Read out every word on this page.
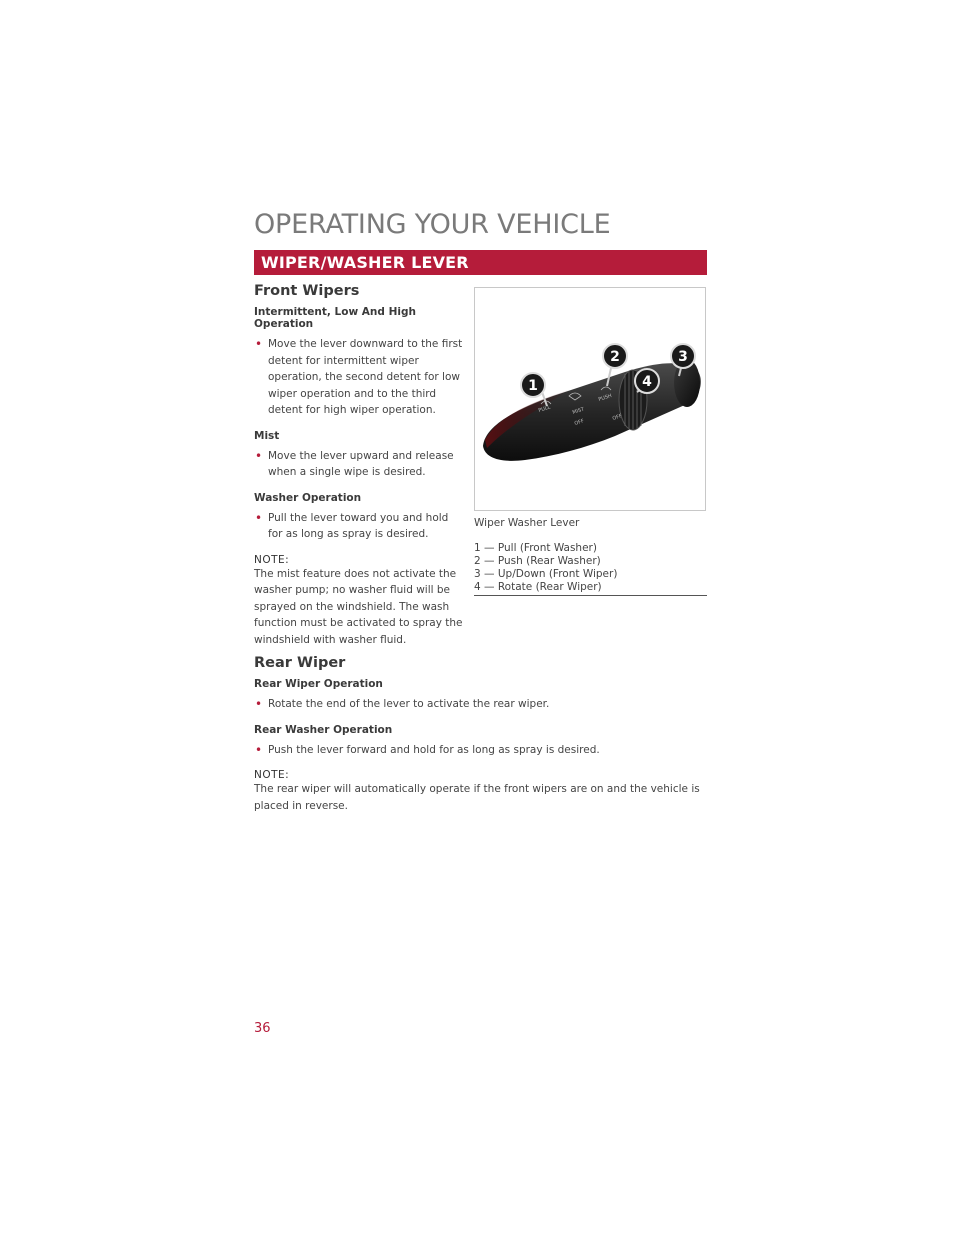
OPERATING YOUR VEHICLE
WIPER/WASHER LEVER
Front Wipers
Intermittent, Low And High Operation

• Move the lever downward to the first detent for intermittent wiper operation, the second detent for low wiper operation and to the third detent for high wiper operation.

Mist

• Move the lever upward and release when a single wipe is desired.

Washer Operation

• Pull the lever toward you and hold for as long as spray is desired.

NOTE:

The mist feature does not activate the washer pump; no washer fluid will be sprayed on the windshield. The wash function must be activated to spray the windshield with washer fluid.

PULL
PUSH
MIST
OFF
OFF
1
2	3
4

Wiper Washer Lever

1 — Pull (Front Washer)

2 — Push (Rear Washer)

3 — Up/Down (Front Wiper)

4 — Rotate (Rear Wiper)

Rear Wiper
Rear Wiper Operation

• Rotate the end of the lever to activate the rear wiper.

Rear Washer Operation

• Push the lever forward and hold for as long as spray is desired.

NOTE:

The rear wiper will automatically operate if the front wipers are on and the vehicle is placed in reverse.

36
